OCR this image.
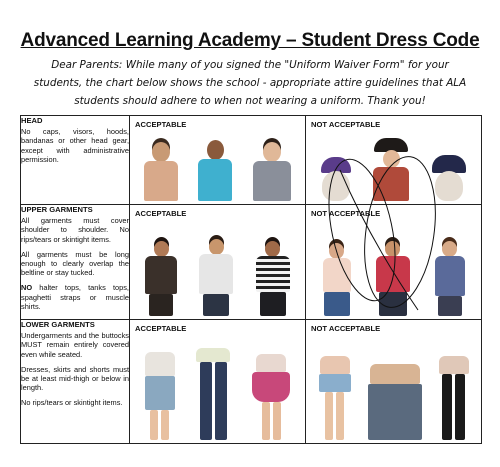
Advanced Learning Academy – Student Dress Code
Dear Parents: While many of you signed the "Uniform Waiver Form" for your students, the chart below shows the school - appropriate attire guidelines that ALA students should adhere to when not wearing a uniform. Thank you!
HEAD

No caps, visors, hoods, bandanas or other head gear, except with administrative permission.	ACCEPTABLE	NOT ACCEPTABLE

UPPER GARMENTS

All garments must cover shoulder to shoulder. No rips/tears or skintight items.

All garments must be long enough to clearly overlap the beltline or stay tucked.

NO halter tops, tanks tops, spaghetti straps or muscle shirts.	ACCEPTABLE	NOT ACCEPTABLE

LOWER GARMENTS

Undergarments and the buttocks MUST remain entirely covered even while seated.

Dresses, skirts and shorts must be at least mid-thigh or below in length.

No rips/tears or skintight items.	ACCEPTABLE	NOT ACCEPTABLE
